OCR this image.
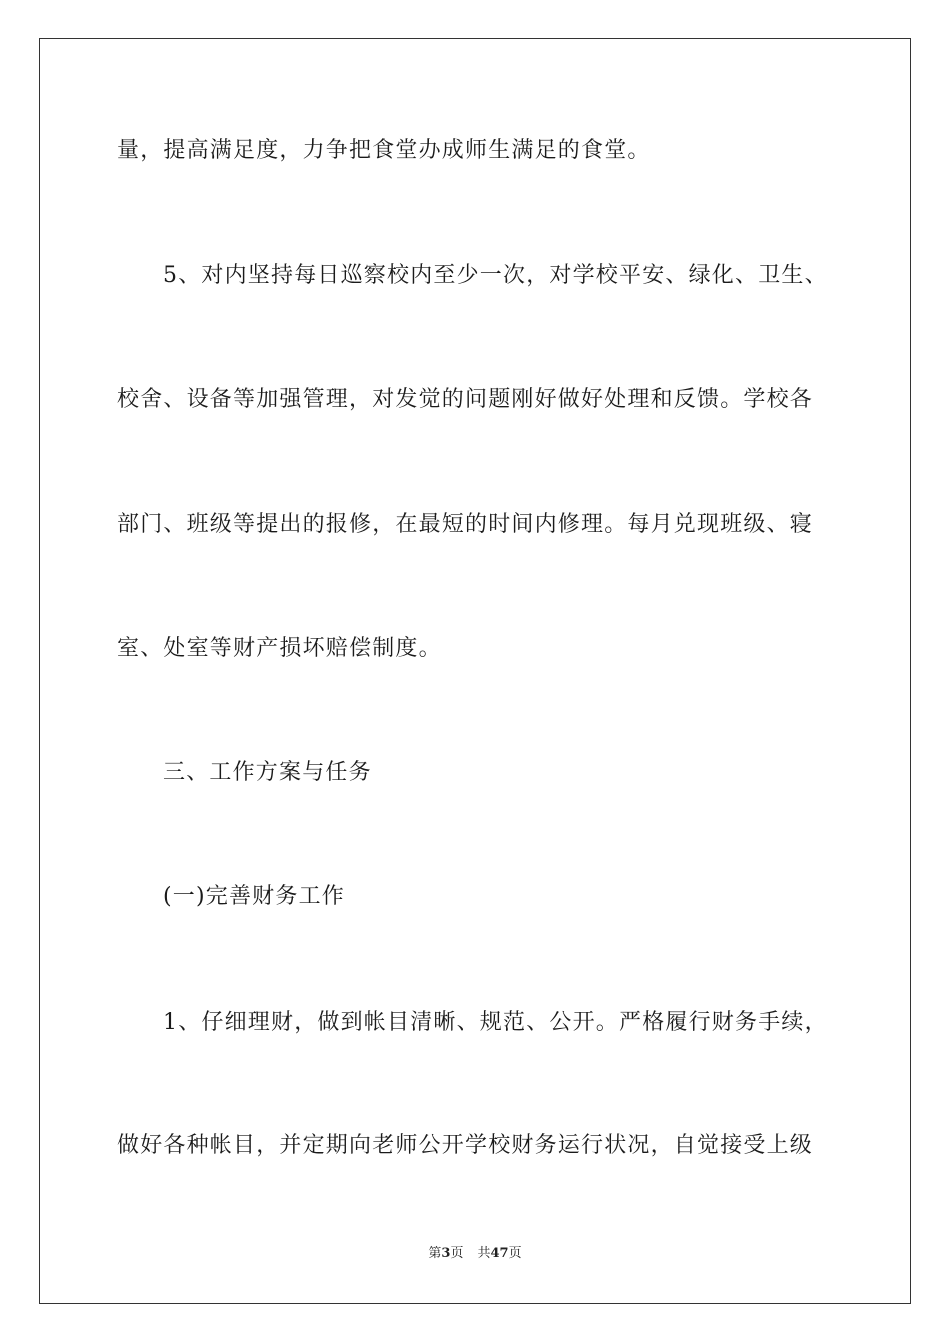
量，提高满足度，力争把食堂办成师生满足的食堂。
5、对内坚持每日巡察校内至少一次，对学校平安、绿化、卫生、
校舍、设备等加强管理，对发觉的问题刚好做好处理和反馈。学校各
部门、班级等提出的报修，在最短的时间内修理。每月兑现班级、寝
室、处室等财产损坏赔偿制度。
三、工作方案与任务
(一)完善财务工作
1、仔细理财，做到帐目清晰、规范、公开。严格履行财务手续，
做好各种帐目，并定期向老师公开学校财务运行状况，自觉接受上级
第3页 共47页
